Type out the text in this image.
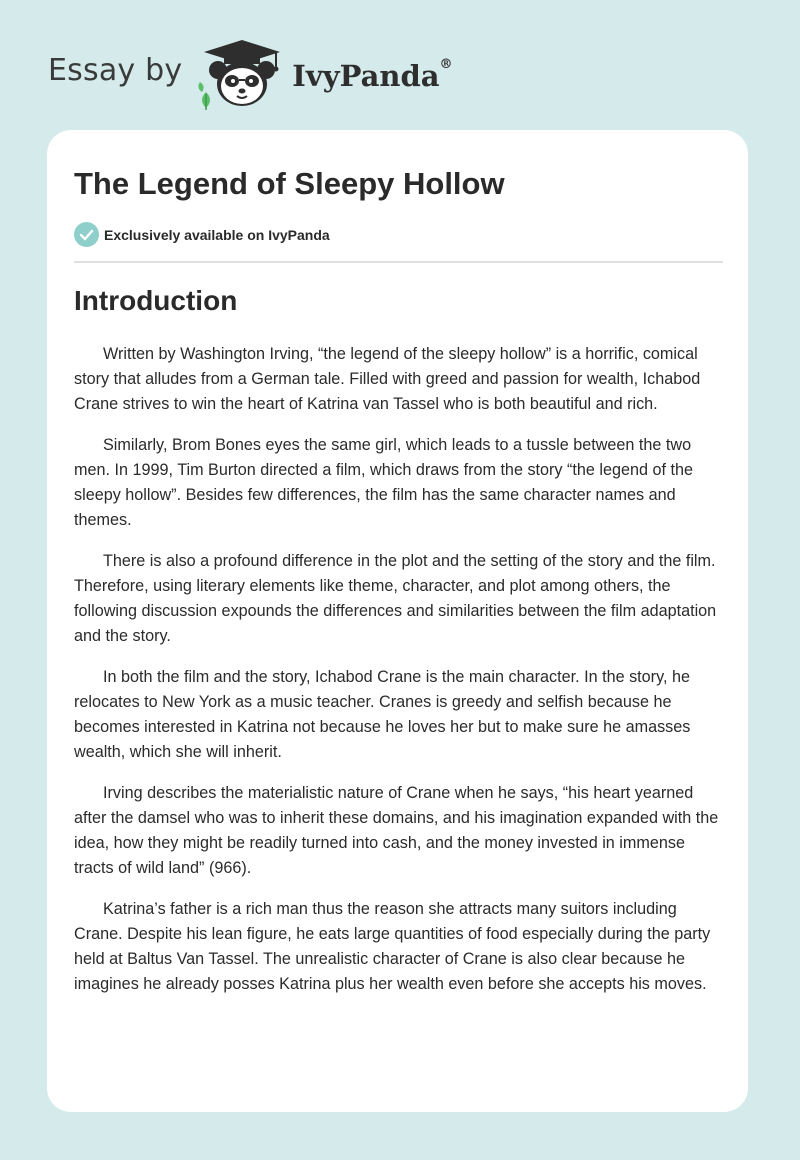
Essay by	IvyPanda®
The Legend of Sleepy Hollow
Exclusively available on IvyPanda
Introduction

Written by Washington Irving, “the legend of the sleepy hollow” is a horrific, comical story that alludes from a German tale. Filled with greed and passion for wealth, Ichabod Crane strives to win the heart of Katrina van Tassel who is both beautiful and rich.

Similarly, Brom Bones eyes the same girl, which leads to a tussle between the two men. In 1999, Tim Burton directed a film, which draws from the story “the legend of the sleepy hollow”. Besides few differences, the film has the same character names and themes.

There is also a profound difference in the plot and the setting of the story and the film. Therefore, using literary elements like theme, character, and plot among others, the following discussion expounds the differences and similarities between the film adaptation and the story.

In both the film and the story, Ichabod Crane is the main character. In the story, he relocates to New York as a music teacher. Cranes is greedy and selfish because he becomes interested in Katrina not because he loves her but to make sure he amasses wealth, which she will inherit.

Irving describes the materialistic nature of Crane when he says, “his heart yearned after the damsel who was to inherit these domains, and his imagination expanded with the idea, how they might be readily turned into cash, and the money invested in immense tracts of wild land” (966).

Katrina’s father is a rich man thus the reason she attracts many suitors including Crane. Despite his lean figure, he eats large quantities of food especially during the party held at Baltus Van Tassel. The unrealistic character of Crane is also clear because he imagines he already posses Katrina plus her wealth even before she accepts his moves.
